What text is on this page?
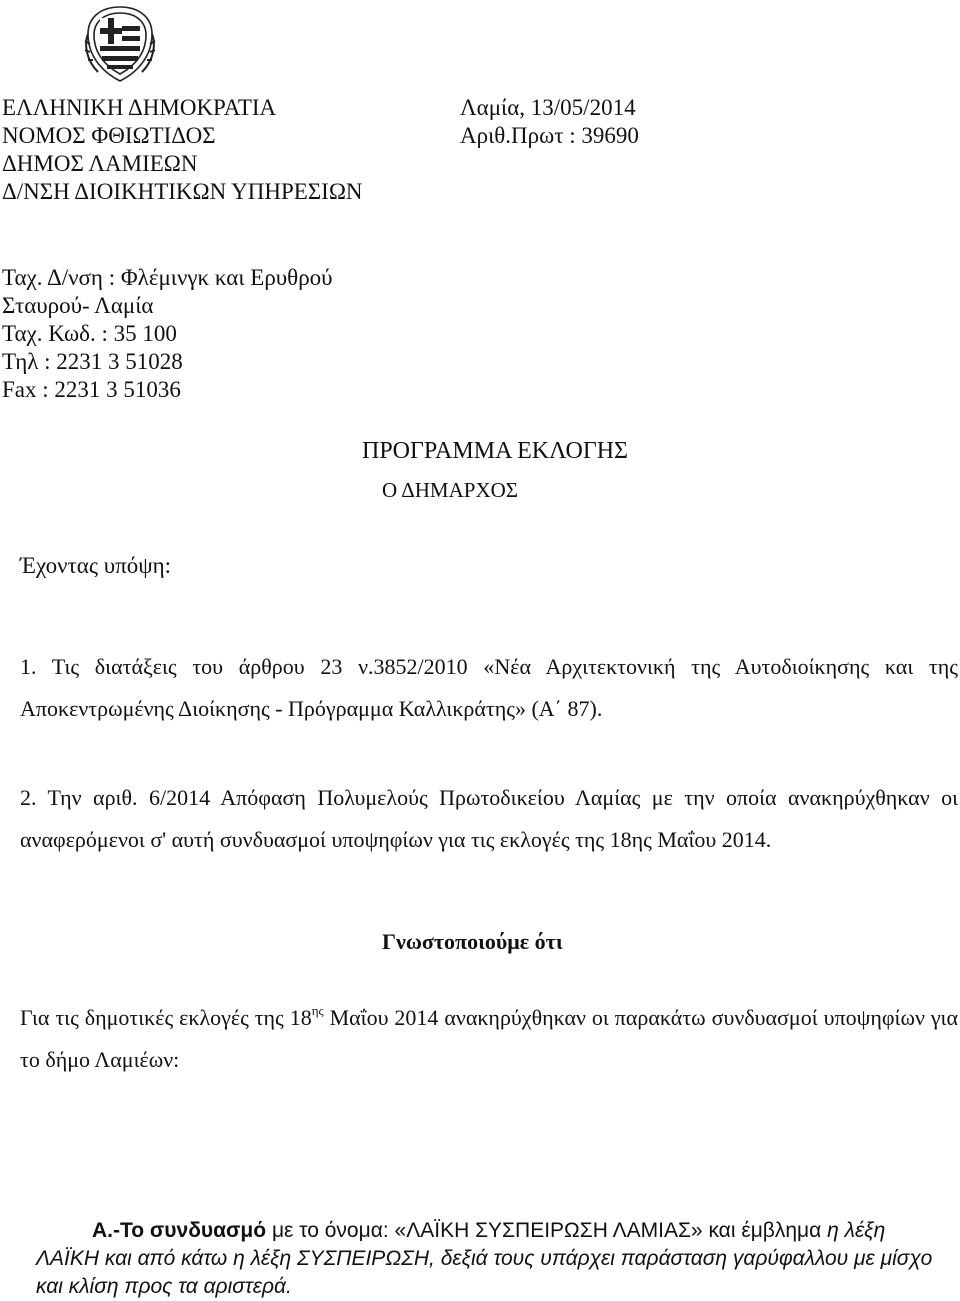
ΕΛΛΗΝΙΚΗ ΔΗΜΟΚΡΑΤΙΑ
ΝΟΜΟΣ ΦΘΙΩΤΙΔΟΣ
ΔΗΜΟΣ ΛΑΜΙΕΩΝ
Δ/ΝΣΗ ΔΙΟΙΚΗΤΙΚΩΝ ΥΠΗΡΕΣΙΩΝ
Λαμία, 13/05/2014
Αριθ.Πρωτ : 39690
Ταχ. Δ/νση : Φλέμινγκ και Ερυθρού
Σταυρού- Λαμία
Ταχ. Κωδ. : 35 100
Τηλ : 2231 3 51028
Fax : 2231 3 51036
ΠΡΟΓΡΑΜΜΑ ΕΚΛΟΓΗΣ
Ο ΔΗΜΑΡΧΟΣ
Έχοντας υπόψη:
1. Τις διατάξεις του άρθρου 23 ν.3852/2010 «Νέα Αρχιτεκτονική της Αυτοδιοίκησης και της Αποκεντρωμένης Διοίκησης - Πρόγραμμα Καλλικράτης» (Α΄ 87).
2. Την αριθ. 6/2014 Απόφαση Πολυμελούς Πρωτοδικείου Λαμίας με την οποία ανακηρύχθηκαν οι αναφερόμενοι σ' αυτή συνδυασμοί υποψηφίων για τις εκλογές της 18ης Μαΐου 2014.
Γνωστοποιούμε ότι
Για τις δημοτικές εκλογές της $18^{\eta\varsigma}$ Μαΐου 2014 ανακηρύχθηκαν οι παρακάτω συνδυασμοί υποψηφίων για το δήμο Λαμιέων:
Α.-Το συνδυασμό με το όνομα: «ΛΑΪΚΗ ΣΥΣΠΕΙΡΩΣΗ ΛΑΜΙΑΣ» και έμβλημα η λέξη ΛΑΪΚΗ και από κάτω η λέξη ΣΥΣΠΕΙΡΩΣΗ, δεξιά τους υπάρχει παράσταση γαρύφαλλου με μίσχο και κλίση προς τα αριστερά.
